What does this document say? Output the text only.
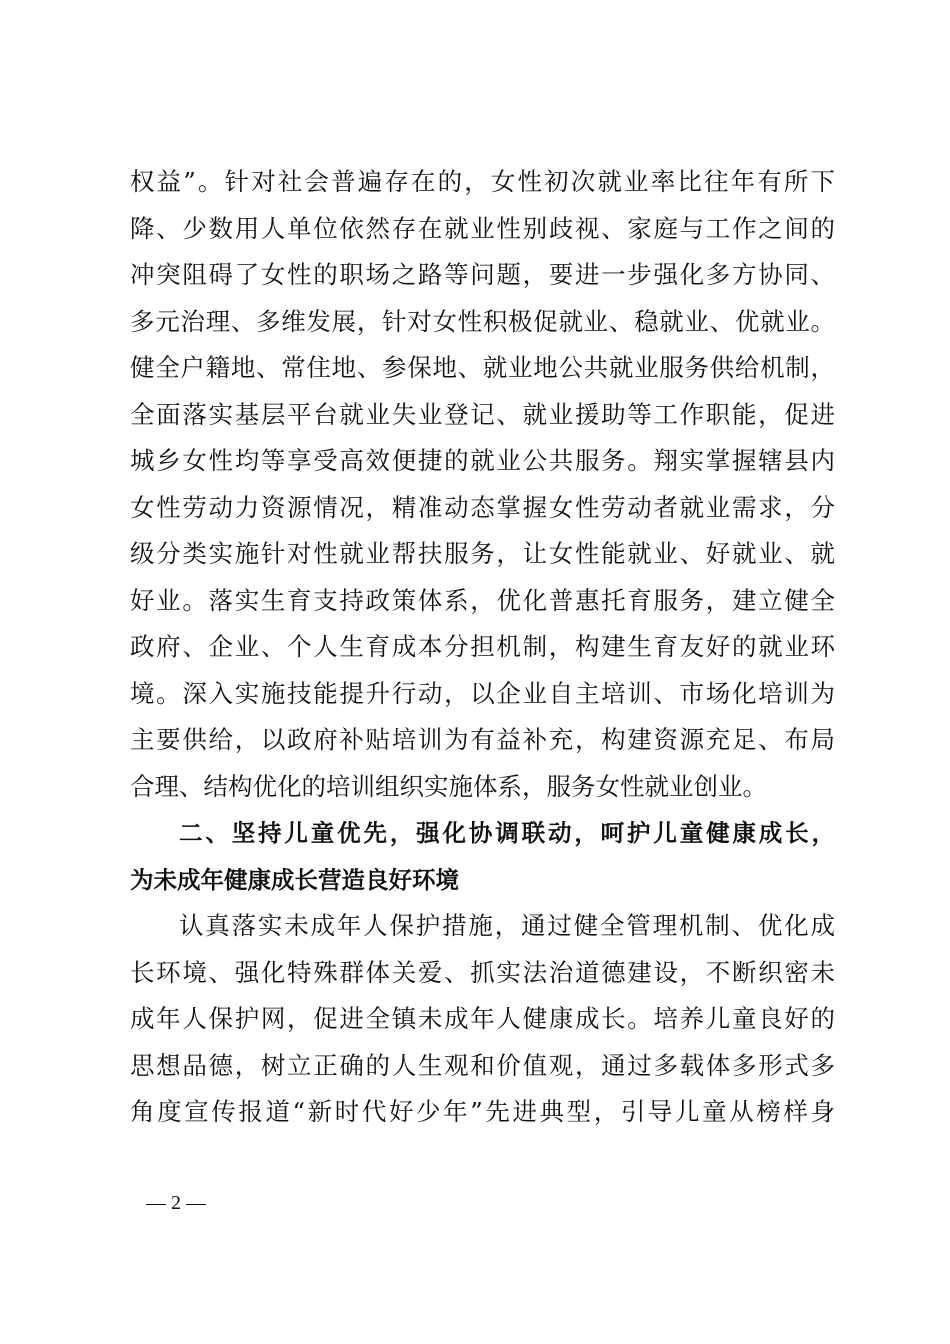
权益”。针对社会普遍存在的，女性初次就业率比往年有所下
降、少数用人单位依然存在就业性别歧视、家庭与工作之间的
冲突阻碍了女性的职场之路等问题，要进一步强化多方协同、
多元治理、多维发展，针对女性积极促就业、稳就业、优就业。
健全户籍地、常住地、参保地、就业地公共就业服务供给机制，
全面落实基层平台就业失业登记、就业援助等工作职能，促进
城乡女性均等享受高效便捷的就业公共服务。翔实掌握辖县内
女性劳动力资源情况，精准动态掌握女性劳动者就业需求，分
级分类实施针对性就业帮扶服务，让女性能就业、好就业、就
好业。落实生育支持政策体系，优化普惠托育服务，建立健全
政府、企业、个人生育成本分担机制，构建生育友好的就业环
境。深入实施技能提升行动，以企业自主培训、市场化培训为
主要供给，以政府补贴培训为有益补充，构建资源充足、布局
合理、结构优化的培训组织实施体系，服务女性就业创业。
二、坚持儿童优先，强化协调联动，呵护儿童健康成长，
为未成年健康成长营造良好环境
认真落实未成年人保护措施，通过健全管理机制、优化成
长环境、强化特殊群体关爱、抓实法治道德建设，不断织密未
成年人保护网，促进全镇未成年人健康成长。培养儿童良好的
思想品德，树立正确的人生观和价值观，通过多载体多形式多
角度宣传报道“新时代好少年”先进典型，引导儿童从榜样身
— 2 —
